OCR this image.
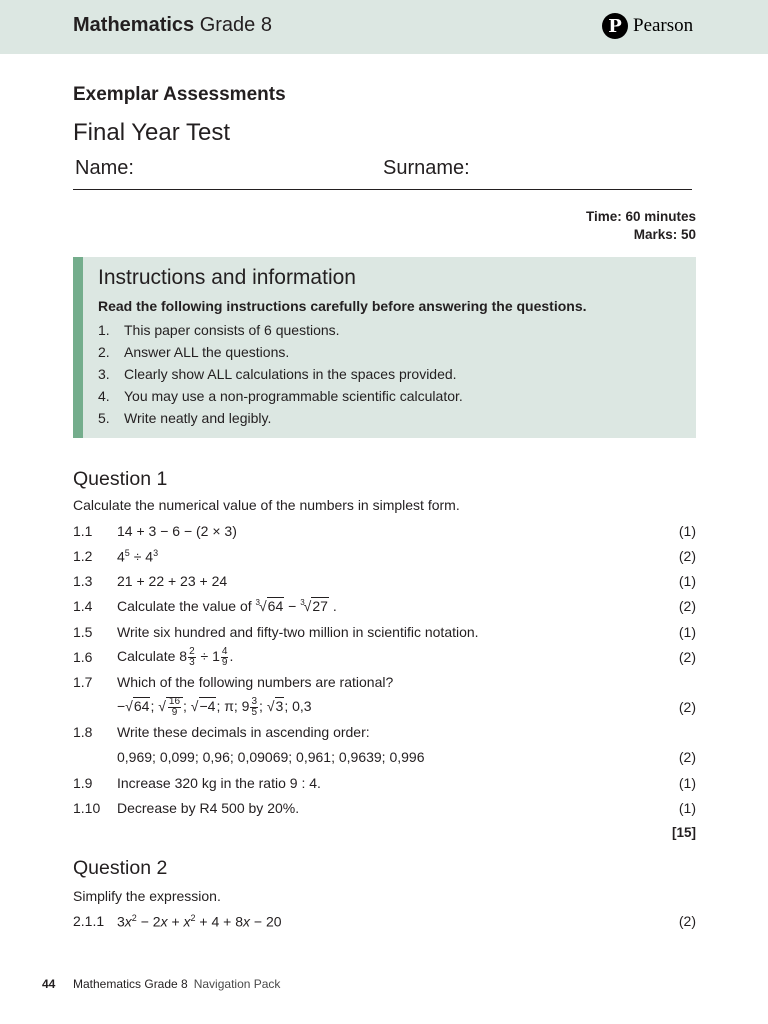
Mathematics Grade 8	P Pearson
Exemplar Assessments
Final Year Test
Name:	Surname:
Time: 60 minutes
Marks: 50
Instructions and information
Read the following instructions carefully before answering the questions.
1.	This paper consists of 6 questions.
2.	Answer ALL the questions.
3.	Clearly show ALL calculations in the spaces provided.
4.	You may use a non-programmable scientific calculator.
5.	Write neatly and legibly.
Question 1
Calculate the numerical value of the numbers in simplest form.
1.1	14 + 3 − 6 − (2 × 3)	(1)
1.2	$4^5 \div 4^3$	(2)
1.3	21 + 22 + 23 + 24	(1)
1.4	Calculate the value of $^3$√64 − $^3$√27 .	(2)
1.5	Write six hundred and fifty-two million in scientific notation.	(1)
1.6	Calculate $8 \frac{2}{3} \div 1 \frac{4}{9}$ .	(2)
1.7	Which of the following numbers are rational?
−√64; √ $\frac{16}{9}$ ; √−4; π; $9 \frac{3}{5}$ ; √3; 0,3	(2)
1.8	Write these decimals in ascending order:
0,969; 0,099; 0,96; 0,09069; 0,961; 0,9639; 0,996	(2)
1.9	Increase 320 kg in the ratio 9 : 4.	(1)
1.10	Decrease by R4 500 by 20%.	(1)
[15]
Question 2
Simplify the expression.
2.1.1 $3x^2 - 2x + x^2 + 4 + 8x - 20$	(2)
44	Mathematics Grade 8 Navigation Pack
